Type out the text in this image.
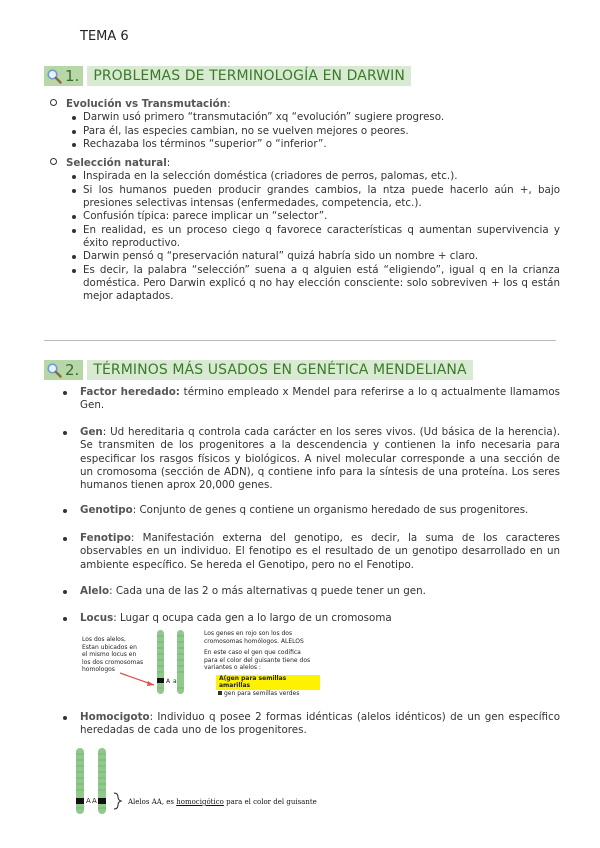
TEMA 6
1. PROBLEMAS DE TERMINOLOGÍA EN DARWIN
Evolución vs Transmutación:
Darwin usó primero “transmutación” xq “evolución” sugiere progreso.
Para él, las especies cambian, no se vuelven mejores o peores.
Rechazaba los términos “superior” o “inferior”.
Selección natural:
Inspirada en la selección doméstica (criadores de perros, palomas, etc.).
Si los humanos pueden producir grandes cambios, la ntza puede hacerlo aún +, bajo presiones selectivas intensas (enfermedades, competencia, etc.).
Confusión típica: parece implicar un “selector”.
En realidad, es un proceso ciego q favorece características q aumentan supervivencia y éxito reproductivo.
Darwin pensó q “preservación natural” quizá habría sido un nombre + claro.
Es decir, la palabra “selección” suena a q alguien está “eligiendo”, igual q en la crianza doméstica. Pero Darwin explicó q no hay elección consciente: solo sobreviven + los q están mejor adaptados.
2. TÉRMINOS MÁS USADOS EN GENÉTICA MENDELIANA
Factor heredado: término empleado x Mendel para referirse a lo q actualmente llamamos Gen.
Gen: Ud hereditaria q controla cada carácter en los seres vivos. (Ud básica de la herencia). Se transmiten de los progenitores a la descendencia y contienen la info necesaria para especificar los rasgos físicos y biológicos. A nivel molecular corresponde a una sección de un cromosoma (sección de ADN), q contiene info para la síntesis de una proteína. Los seres humanos tienen aprox 20,000 genes.
Genotipo: Conjunto de genes q contiene un organismo heredado de sus progenitores.
Fenotipo: Manifestación externa del genotipo, es decir, la suma de los caracteres observables en un individuo. El fenotipo es el resultado de un genotipo desarrollado en un ambiente específico. Se hereda el Genotipo, pero no el Fenotipo.
Alelo: Cada una de las 2 o más alternativas q puede tener un gen.
Locus: Lugar q ocupa cada gen a lo largo de un cromosoma
Los dos alelos,
Estan ubicados en
el mismo locus en
los dos cromosomas
homologos
A a
Los genes en rojo son los dos
cromosomas homólogos. ALELOS
En este caso el gen que codifica
para el color del guisante tiene dos
variantes o alelos :
A(gen para semillas amarillas
gen para semillas verdes
Homocigoto: Individuo q posee 2 formas idénticas (alelos idénticos) de un gen específico heredadas de cada uno de los progenitores.
A A	Alelos AA, es homocigótico para el color del guisante
